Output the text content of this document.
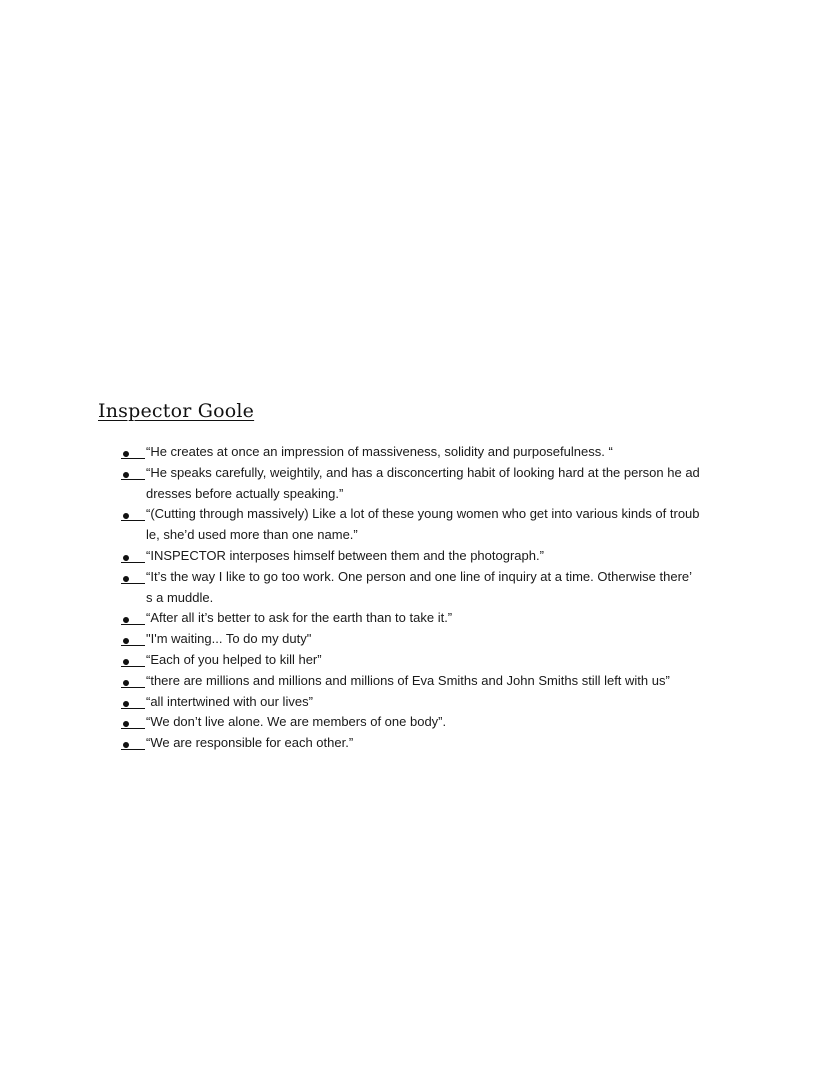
Inspector Goole
“He creates at once an impression of massiveness, solidity and purposefulness. “
“He speaks carefully, weightily, and has a disconcerting habit of looking hard at the person he ad
dresses before actually speaking.”
“(Cutting through massively) Like a lot of these young women who get into various kinds of troub
le, she’d used more than one name.”
“INSPECTOR interposes himself between them and the photograph.”
“It’s the way I like to go too work. One person and one line of inquiry at a time. Otherwise there’
s a muddle.
“After all it’s better to ask for the earth than to take it.”
"I'm waiting... To do my duty"
“Each of you helped to kill her”
“there are millions and millions and millions of Eva Smiths and John Smiths still left with us”
“all intertwined with our lives”
“We don’t live alone. We are members of one body”.
“We are responsible for each other.”
